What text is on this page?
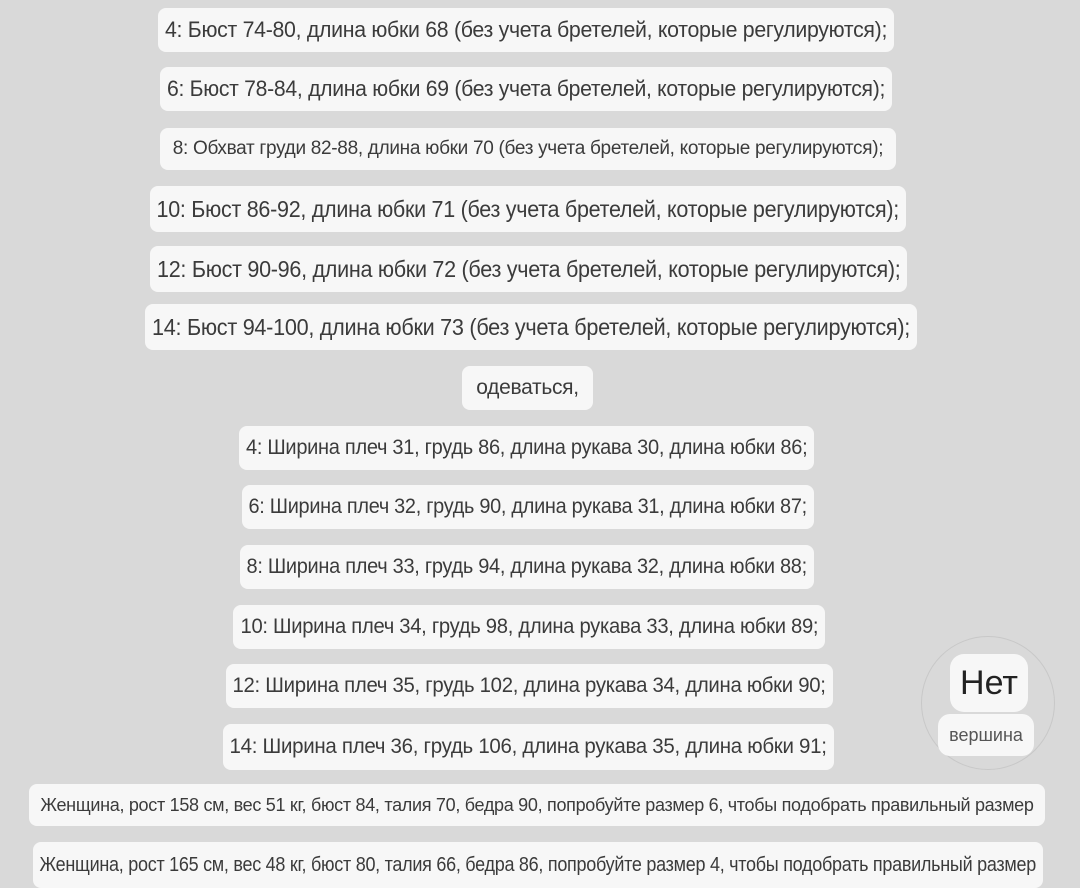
4: Бюст 74-80, длина юбки 68 (без учета бретелей, которые регулируются);
6: Бюст 78-84, длина юбки 69 (без учета бретелей, которые регулируются);
8: Обхват груди 82-88, длина юбки 70 (без учета бретелей, которые регулируются);
10: Бюст 86-92, длина юбки 71 (без учета бретелей, которые регулируются);
12: Бюст 90-96, длина юбки 72 (без учета бретелей, которые регулируются);
14: Бюст 94-100, длина юбки 73 (без учета бретелей, которые регулируются);
одеваться,
4: Ширина плеч 31, грудь 86, длина рукава 30, длина юбки 86;
6: Ширина плеч 32, грудь 90, длина рукава 31, длина юбки 87;
8: Ширина плеч 33, грудь 94, длина рукава 32, длина юбки 88;
10: Ширина плеч 34, грудь 98, длина рукава 33, длина юбки 89;
12: Ширина плеч 35, грудь 102, длина рукава 34, длина юбки 90;
14: Ширина плеч 36, грудь 106, длина рукава 35, длина юбки 91;
Женщина, рост 158 см, вес 51 кг, бюст 84, талия 70, бедра 90, попробуйте размер 6, чтобы подобрать правильный размер
Женщина, рост 165 см, вес 48 кг, бюст 80, талия 66, бедра 86, попробуйте размер 4, чтобы подобрать правильный размер
Нет
вершина
